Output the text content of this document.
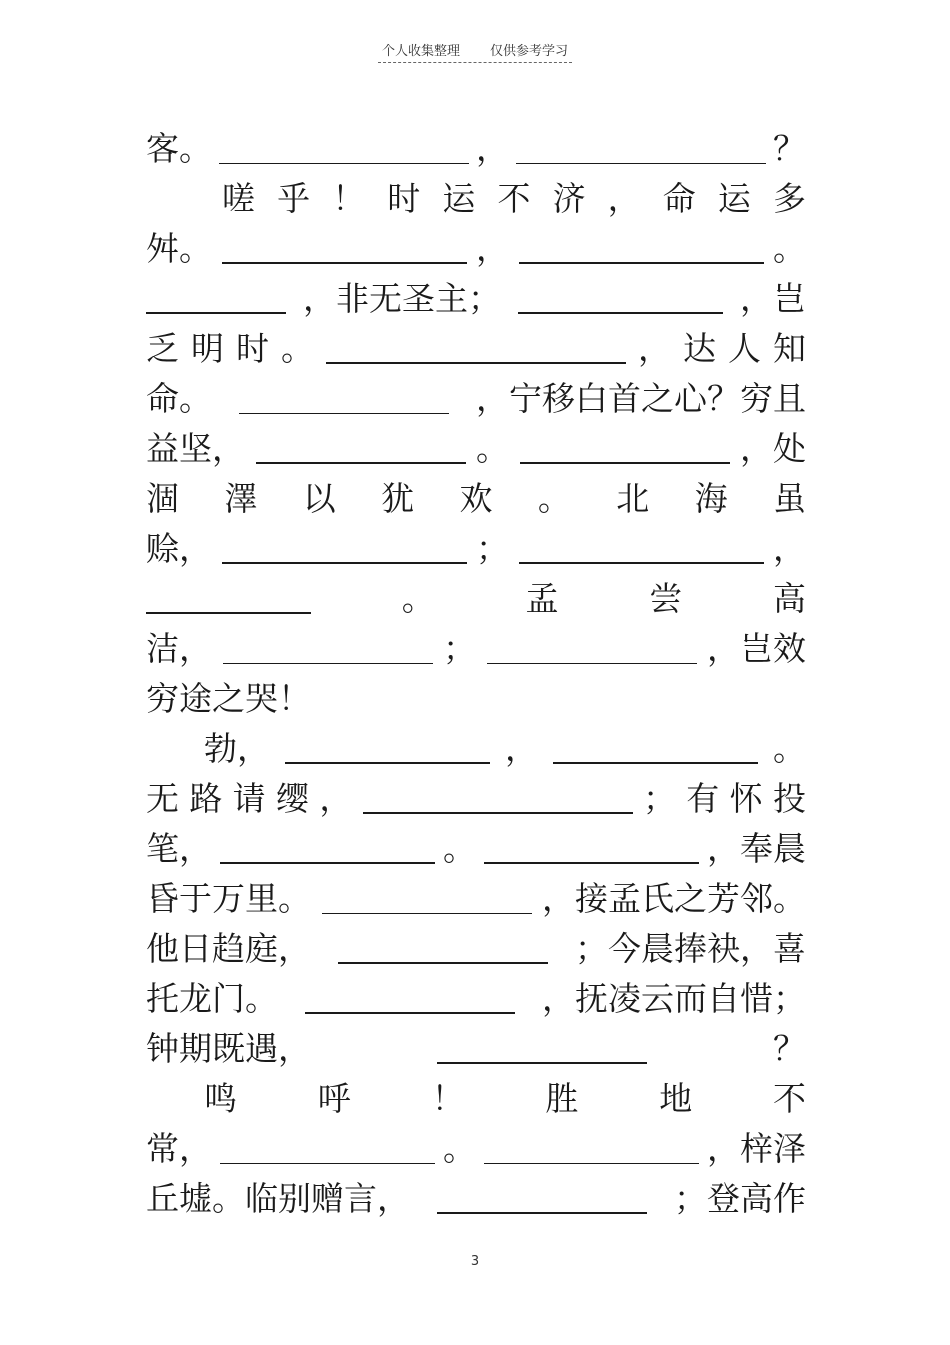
个人收集整理 仅供参考学习
客。	，	？
嗟 乎 ！ 时 运 不 济 ， 命 运 多
舛。	，	。
，非无圣主；	，岂
乏 明 时 。	， 达 人 知
命。	，宁移白首之心？穷且
益坚，	。	，处
涸 澤 以 犹 欢 。 北 海 虽
赊，	；	，
。	孟	尝	高
洁，	；	，岂效
穷途之哭！
勃，	，	。
无 路 请 缨 ，	； 有 怀 投
笔，	。	，奉晨
昏于万里。	，接孟氏之芳邻。
他日趋庭，	；今晨捧袂，喜
托龙门。	，抚凌云而自惜；
钟期既遇，	？
鸣 呼 ！ 胜 地 不
常，	。	，梓泽
丘墟。临别赠言，	；登高作
3
